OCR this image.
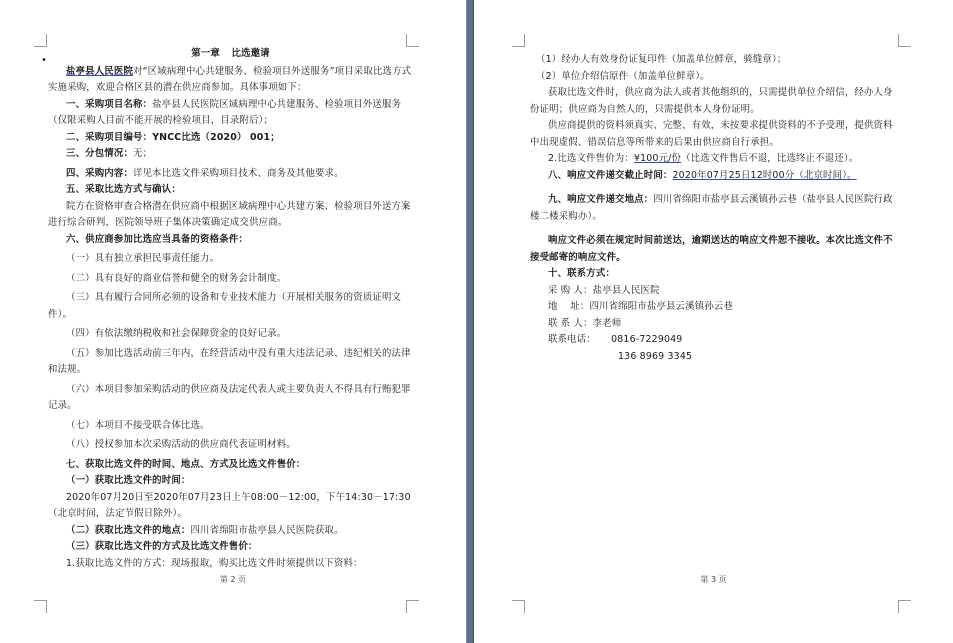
•
第一章 比选邀请
盐亭县人民医院对“区域病理中心共建服务、检验项目外送服务”项目采取比选方式实施采购，欢迎合格区县的潜在供应商参加。具体事项如下：
一、采购项目名称：盐亭县人民医院区域病理中心共建服务、检验项目外送服务（仅限采购人目前不能开展的检验项目，目录附后）；
二、采购项目编号：YNCC比选（2020） 001；
三、分包情况：无；
四、采购内容：详见本比选文件采购项目技术、商务及其他要求。
五、采取比选方式与确认：
院方在资格审查合格潜在供应商中根据区域病理中心共建方案、检验项目外送方案进行综合研判，医院领导班子集体决策确定成交供应商。
六、供应商参加比选应当具备的资格条件：
（一）具有独立承担民事责任能力。
（二）具有良好的商业信誉和健全的财务会计制度。
（三）具有履行合同所必须的设备和专业技术能力（开展相关服务的资质证明文件）。
（四）有依法缴纳税收和社会保障资金的良好记录。
（五）参加比选活动前三年内，在经营活动中没有重大违法记录、违纪相关的法律和法规。
（六）本项目参加采购活动的供应商及法定代表人或主要负责人不得具有行贿犯罪记录。
（七）本项目不接受联合体比选。
（八）授权参加本次采购活动的供应商代表证明材料。
七、获取比选文件的时间、地点、方式及比选文件售价：
（一）获取比选文件的时间：
2020年07月20日至2020年07月23日上午08:00－12:00，下午14:30－17:30（北京时间，法定节假日除外）。
（二）获取比选文件的地点：四川省绵阳市盐亭县人民医院获取。
（三）获取比选文件的方式及比选文件售价：
1.获取比选文件的方式：现场报取，购买比选文件时须提供以下资料：
第 2 页
（1）经办人有效身份证复印件（加盖单位鲜章，骑缝章）；
（2）单位介绍信原件（加盖单位鲜章）。
获取比选文件时，供应商为法人或者其他组织的，只需提供单位介绍信，经办人身份证明；供应商为自然人的，只需提供本人身份证明。
供应商提供的资料须真实、完整、有效，未按要求提供资料的不予受理，提供资料中出现虚假、错误信息等所带来的后果由供应商自行承担。
2.比选文件售价为：¥100元/份（比选文件售后不退，比选终止不退还）。
八、响应文件递交截止时间：2020年07月25日12时00分（北京时间）。
九、响应文件递交地点：四川省绵阳市盐亭县云溪镇孙云巷（盐亭县人民医院行政楼二楼采购办）。
响应文件必须在规定时间前送达，逾期送达的响应文件恕不接收。本次比选文件不接受邮寄的响应文件。
十、联系方式：
采 购 人：盐亭县人民医院
地    址：四川省绵阳市盐亭县云溪镇孙云巷
联 系 人：李老师
联系电话： 0816-7229049
136 8969 3345
第 3 页
